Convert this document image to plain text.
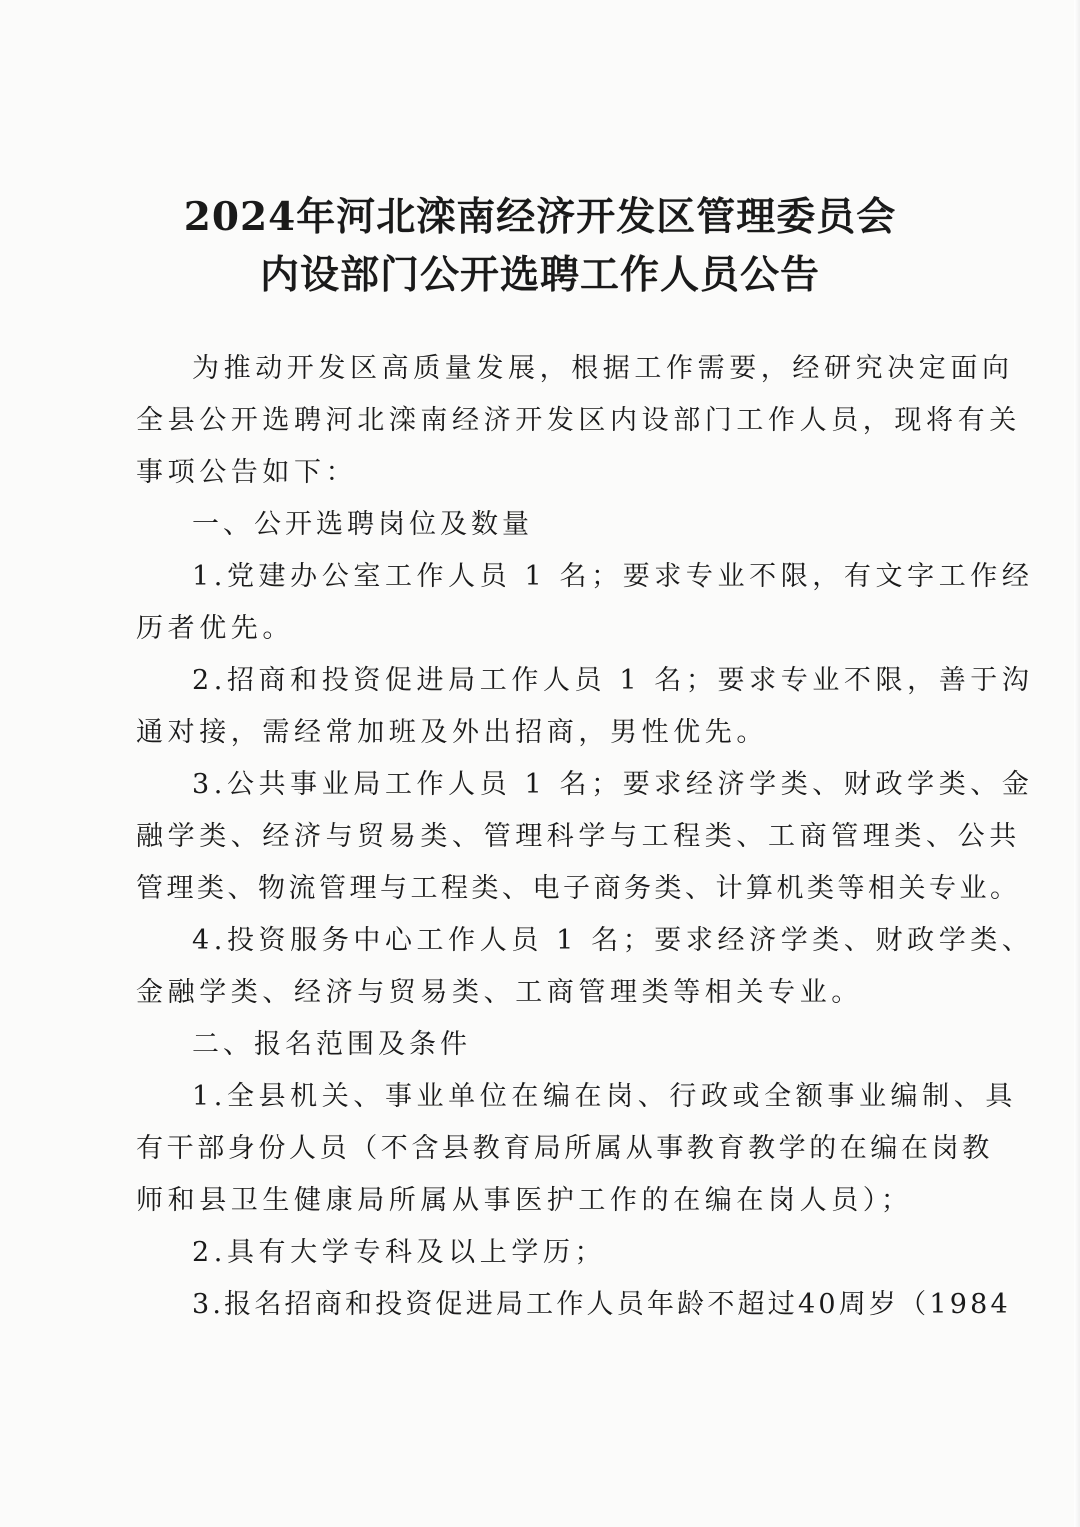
2024年河北滦南经济开发区管理委员会
内设部门公开选聘工作人员公告
为推动开发区高质量发展，根据工作需要，经研究决定面向
全县公开选聘河北滦南经济开发区内设部门工作人员，现将有关
事项公告如下：
一、公开选聘岗位及数量
1.党建办公室工作人员 1 名；要求专业不限，有文字工作经
历者优先。
2.招商和投资促进局工作人员 1 名；要求专业不限，善于沟
通对接，需经常加班及外出招商，男性优先。
3.公共事业局工作人员 1 名；要求经济学类、财政学类、金
融学类、经济与贸易类、管理科学与工程类、工商管理类、公共
管理类、物流管理与工程类、电子商务类、计算机类等相关专业。
4.投资服务中心工作人员 1 名；要求经济学类、财政学类、
金融学类、经济与贸易类、工商管理类等相关专业。
二、报名范围及条件
1.全县机关、事业单位在编在岗、行政或全额事业编制、具
有干部身份人员（不含县教育局所属从事教育教学的在编在岗教
师和县卫生健康局所属从事医护工作的在编在岗人员）；
2.具有大学专科及以上学历；
3.报名招商和投资促进局工作人员年龄不超过40周岁（1984
